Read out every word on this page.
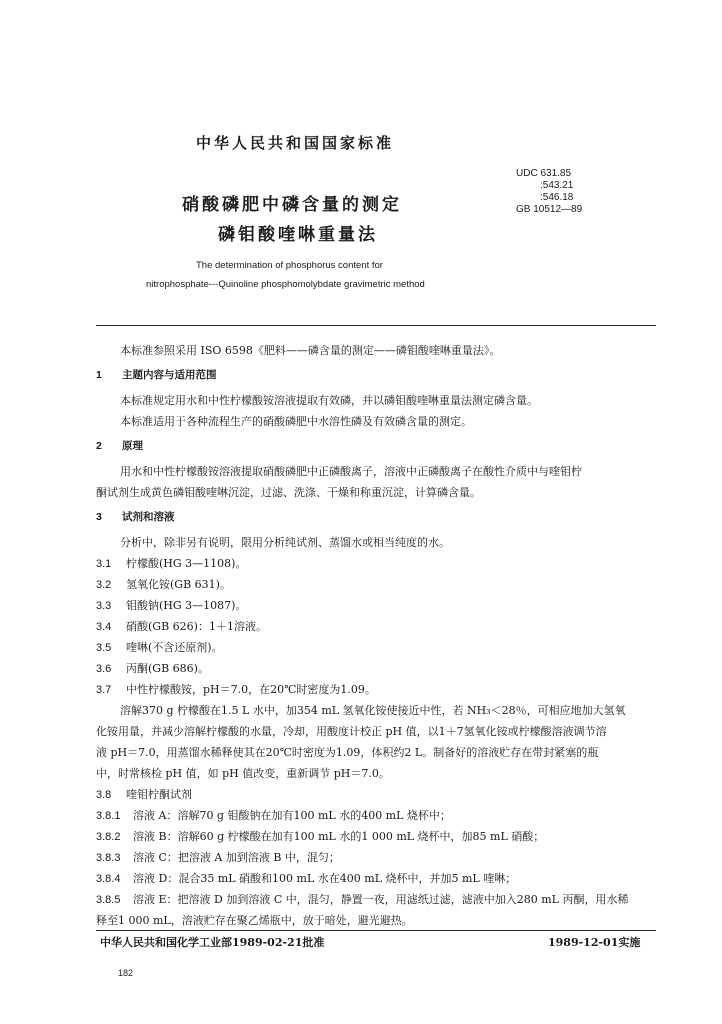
中华人民共和国国家标准
硝酸磷肥中磷含量的测定
磷钼酸喹啉重量法
UDC 631.85
:543.21
:546.18
GB 10512—89
The determination of phosphorus content for
nitrophosphate---Quinoline phosphomolybdate gravimetric method
本标准参照采用 ISO 6598《肥料——磷含量的测定——磷钼酸喹啉重量法》。
1 主题内容与适用范围
本标准规定用水和中性柠檬酸铵溶液提取有效磷，并以磷钼酸喹啉重量法测定磷含量。
本标准适用于各种流程生产的硝酸磷肥中水溶性磷及有效磷含量的测定。
2 原理
用水和中性柠檬酸铵溶液提取硝酸磷肥中正磷酸离子，溶液中正磷酸离子在酸性介质中与喹钼柠
酮试剂生成黄色磷钼酸喹啉沉淀，过滤、洗涤、干燥和称重沉淀，计算磷含量。
3 试剂和溶液
分析中，除非另有说明，限用分析纯试剂、蒸馏水或相当纯度的水。
3.1 柠檬酸(HG 3—1108)。
3.2 氢氧化铵(GB 631)。
3.3 钼酸钠(HG 3—1087)。
3.4 硝酸(GB 626)：1＋1溶液。
3.5 喹啉(不含还原剂)。
3.6 丙酮(GB 686)。
3.7 中性柠檬酸铵，pH＝7.0，在20℃时密度为1.09。
溶解370 g 柠檬酸在1.5 L 水中，加354 mL 氢氧化铵使接近中性，若 NH₃＜28％，可相应地加大氢氧
化铵用量，并减少溶解柠檬酸的水量，冷却，用酸度计校正 pH 值，以1＋7氢氧化铵或柠檬酸溶液调节溶
液 pH＝7.0，用蒸馏水稀释使其在20℃时密度为1.09，体积约2 L。制备好的溶液贮存在带封紧塞的瓶
中，时常核检 pH 值，如 pH 值改变，重新调节 pH＝7.0。
3.8 喹钼柠酮试剂
3.8.1 溶液 A：溶解70 g 钼酸钠在加有100 mL 水的400 mL 烧杯中；
3.8.2 溶液 B：溶解60 g 柠檬酸在加有100 mL 水的1 000 mL 烧杯中，加85 mL 硝酸；
3.8.3 溶液 C：把溶液 A 加到溶液 B 中，混匀；
3.8.4 溶液 D：混合35 mL 硝酸和100 mL 水在400 mL 烧杯中，并加5 mL 喹啉；
3.8.5 溶液 E：把溶液 D 加到溶液 C 中，混匀，静置一夜，用滤纸过滤，滤液中加入280 mL 丙酮，用水稀
释至1 000 mL，溶液贮存在聚乙烯瓶中，放于暗处，避光避热。
中华人民共和国化学工业部1989-02-21批准	1989-12-01实施
182
